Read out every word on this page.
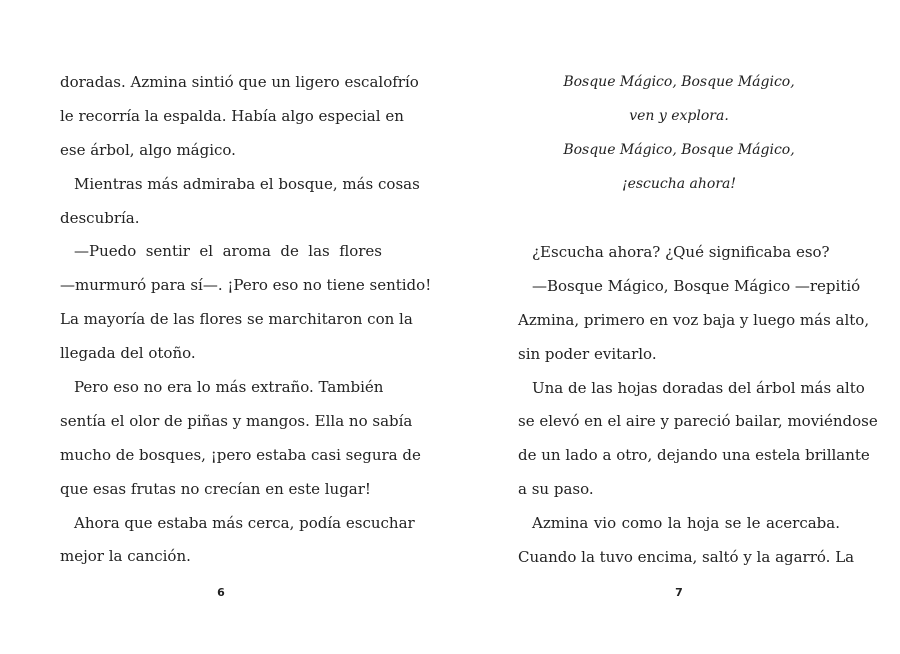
doradas. Azmina sintió que un ligero escalofrío
le recorría la espalda. Había algo especial en
ese árbol, algo mágico.
Mientras más admiraba el bosque, más cosas
descubría.
—Puedo sentir el aroma de las flores
—murmuró para sí—. ¡Pero eso no tiene sentido!
La mayoría de las flores se marchitaron con la
llegada del otoño.
Pero eso no era lo más extraño. También
sentía el olor de piñas y mangos. Ella no sabía
mucho de bosques, ¡pero estaba casi segura de
que esas frutas no crecían en este lugar!
Ahora que estaba más cerca, podía escuchar
mejor la canción.
6
Bosque Mágico, Bosque Mágico,
ven y explora.
Bosque Mágico, Bosque Mágico,
¡escucha ahora!
¿Escucha ahora? ¿Qué significaba eso?
—Bosque Mágico, Bosque Mágico —repitió
Azmina, primero en voz baja y luego más alto,
sin poder evitarlo.
Una de las hojas doradas del árbol más alto
se elevó en el aire y pareció bailar, moviéndose
de un lado a otro, dejando una estela brillante
a su paso.
Azmina vio como la hoja se le acercaba.
Cuando la tuvo encima, saltó y la agarró. La
7
